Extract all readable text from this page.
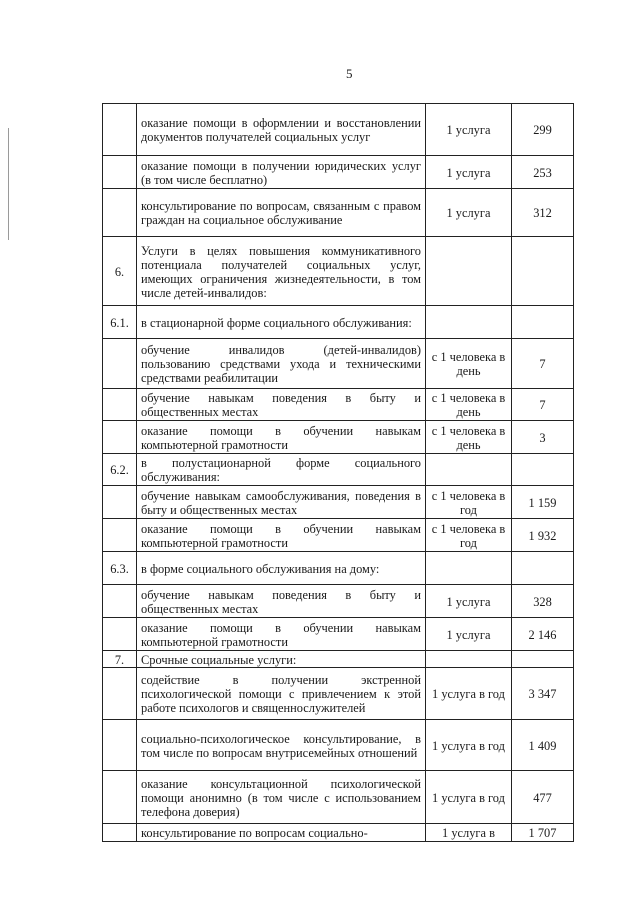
5
	оказание помощи в оформлении и восстановлении документов получателей социальных услуг	1 услуга	299
	оказание помощи в получении юридических услуг (в том числе бесплатно)	1 услуга	253
	консультирование по вопросам, связанным с правом граждан на социальное обслуживание	1 услуга	312
6.	Услуги в целях повышения коммуникативного потенциала получателей социальных услуг, имеющих ограничения жизнедеятельности, в том числе детей-инвалидов:		
6.1.	в стационарной форме социального обслуживания:		
	обучение инвалидов (детей-инвалидов) пользованию средствами ухода и техническими средствами реабилитации	с 1 человека в день	7
	обучение навыкам поведения в быту и общественных местах	с 1 человека в день	7
	оказание помощи в обучении навыкам компьютерной грамотности	с 1 человека в день	3
6.2.	в полустационарной форме социального обслуживания:		
	обучение навыкам самообслуживания, поведения в быту и общественных местах	с 1 человека в год	1 159
	оказание помощи в обучении навыкам компьютерной грамотности	с 1 человека в год	1 932
6.3.	в форме социального обслуживания на дому:		
	обучение навыкам поведения в быту и общественных местах	1 услуга	328
	оказание помощи в обучении навыкам компьютерной грамотности	1 услуга	2 146
7.	Срочные социальные услуги:		
	содействие в получении экстренной психологической помощи с привлечением к этой работе психологов и священнослужителей	1 услуга в год	3 347
	социально-психологическое консультирование, в том числе по вопросам внутрисемейных отношений	1 услуга в год	1 409
	оказание консультационной психологической помощи анонимно (в том числе с использованием телефона доверия)	1 услуга в год	477
	консультирование по вопросам социально-	1 услуга в	1 707
